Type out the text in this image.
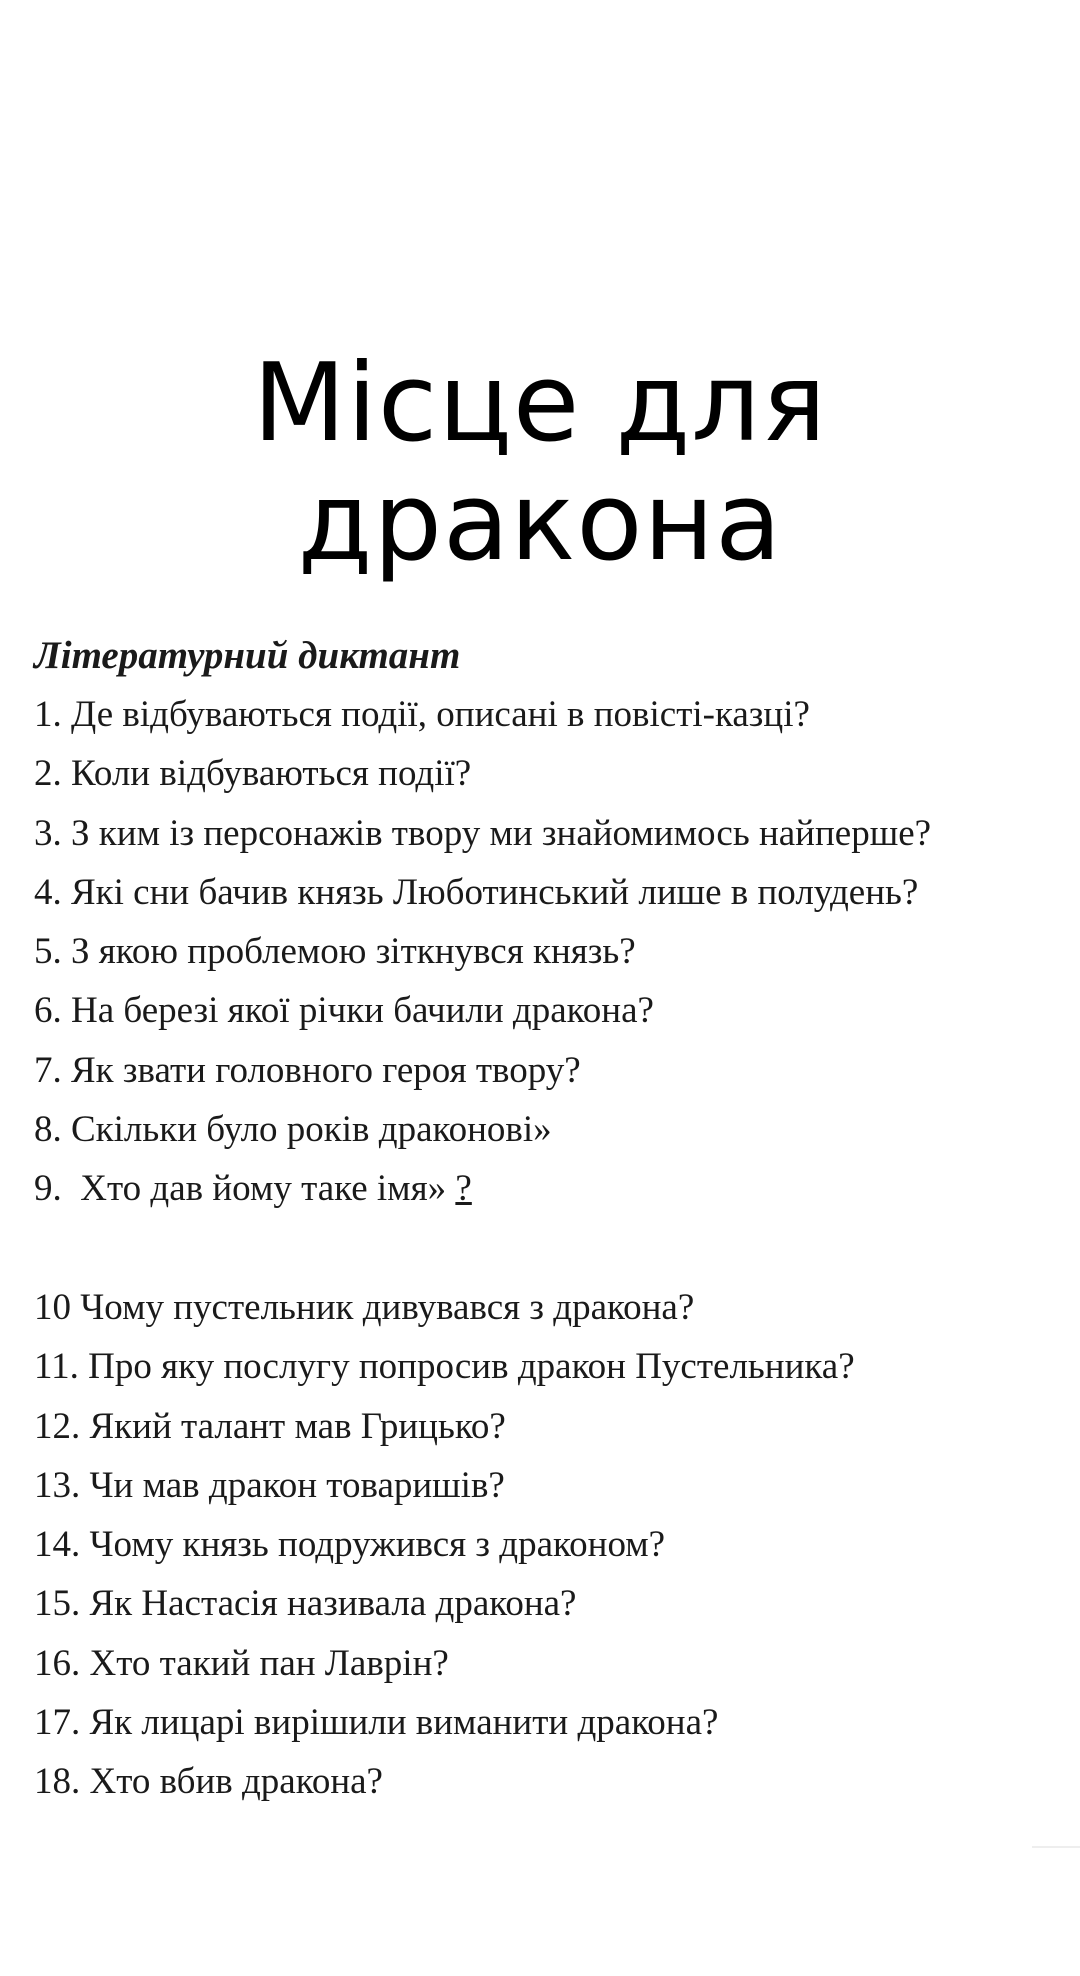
Місце для дракона
Літературний диктант
1. Де відбуваються події, описані в повісті-казці?
2. Коли відбуваються події?
3. З ким із персонажів твору ми знайомимось найперше?
4. Які сни бачив князь Люботинський лише в полудень?
5. З якою проблемою зіткнувся князь?
6. На березі якої річки бачили дракона?
7. Як звати головного героя твору?
8. Скільки було років драконові»
9.  Хто дав йому таке імя» ?
10 Чому пустельник дивувався з дракона?
11. Про яку послугу попросив дракон Пустельника?
12. Який талант мав Грицько?
13. Чи мав дракон товаришів?
14. Чому князь подружився з драконом?
15. Як Настасія називала дракона?
16. Хто такий пан Лаврін?
17. Як лицарі вирішили виманити дракона?
18. Хто вбив дракона?
